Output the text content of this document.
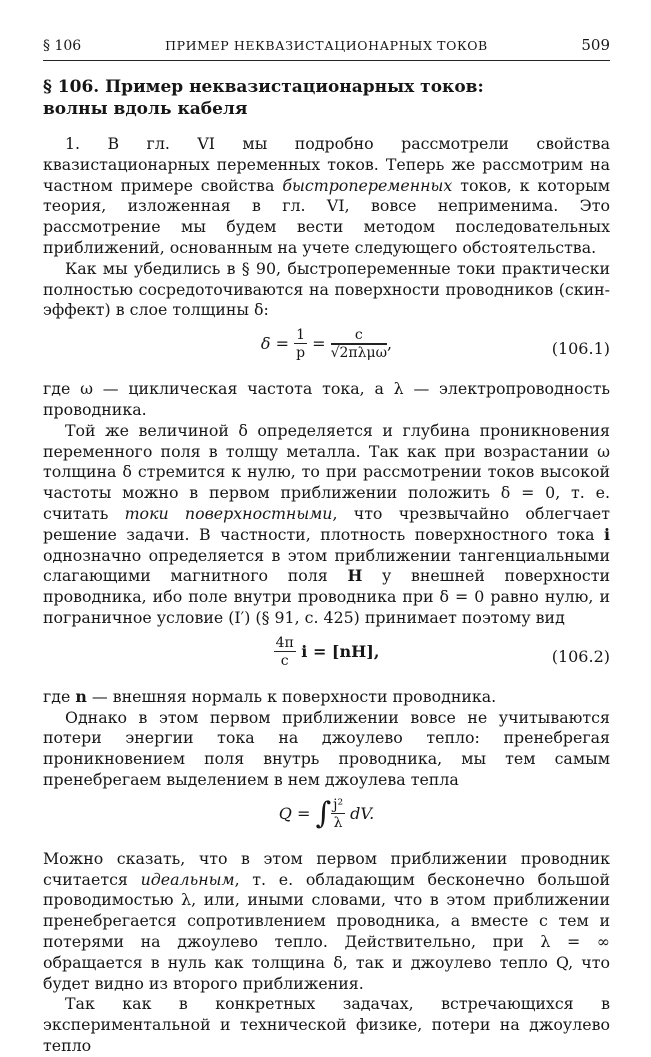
§ 106	ПРИМЕР НЕКВАЗИСТАЦИОНАРНЫХ ТОКОВ	509
§ 106. Пример неквазистационарных токов:
волны вдоль кабеля

1. В гл. VI мы подробно рассмотрели свойства квазистационарных переменных токов. Теперь же рассмотрим на частном примере свойства быстропеременных токов, к которым теория, изложенная в гл. VI, вовсе неприменима. Это рассмотрение мы будем вести методом последовательных приближений, основанным на учете следующего обстоятельства.

Как мы убедились в § 90, быстропеременные токи практически полностью сосредоточиваются на поверхности проводников (скин-эффект) в слое толщины δ:

$\delta = \frac{1}{p} = \frac{c}{\text{√2πλμω}}$ ,	(106.1)

где ω — циклическая частота тока, а λ — электропроводность проводника.

Той же величиной δ определяется и глубина проникновения переменного поля в толщу металла. Так как при возрастании ω толщина δ стремится к нулю, то при рассмотрении токов высокой частоты можно в первом приближении положить δ = 0, т. е. считать токи поверхностными, что чрезвычайно облегчает решение задачи. В частности, плотность поверхностного тока i однозначно определяется в этом приближении тангенциальными слагающими магнитного поля H у внешней поверхности проводника, ибо поле внутри проводника при δ = 0 равно нулю, и пограничное условие (I′) (§ 91, с. 425) принимает поэтому вид

$\frac{4\pi}{c}$ i = [nH],	(106.2)

где n — внешняя нормаль к поверхности проводника.

Однако в этом первом приближении вовсе не учитываются потери энергии тока на джоулево тепло: пренебрегая проникновением поля внутрь проводника, мы тем самым пренебрегаем выделением в нем джоулева тепла

Q = ∫ $\frac{\text{j²}}{\lambda}$ dV.

Можно сказать, что в этом первом приближении проводник считается идеальным, т. е. обладающим бесконечно большой проводимостью λ, или, иными словами, что в этом приближении пренебрегается сопротивлением проводника, а вместе с тем и потерями на джоулево тепло. Действительно, при λ = ∞ обращается в нуль как толщина δ, так и джоулево тепло Q, что будет видно из второго приближения.

Так как в конкретных задачах, встречающихся в экспериментальной и технической физике, потери на джоулево тепло
